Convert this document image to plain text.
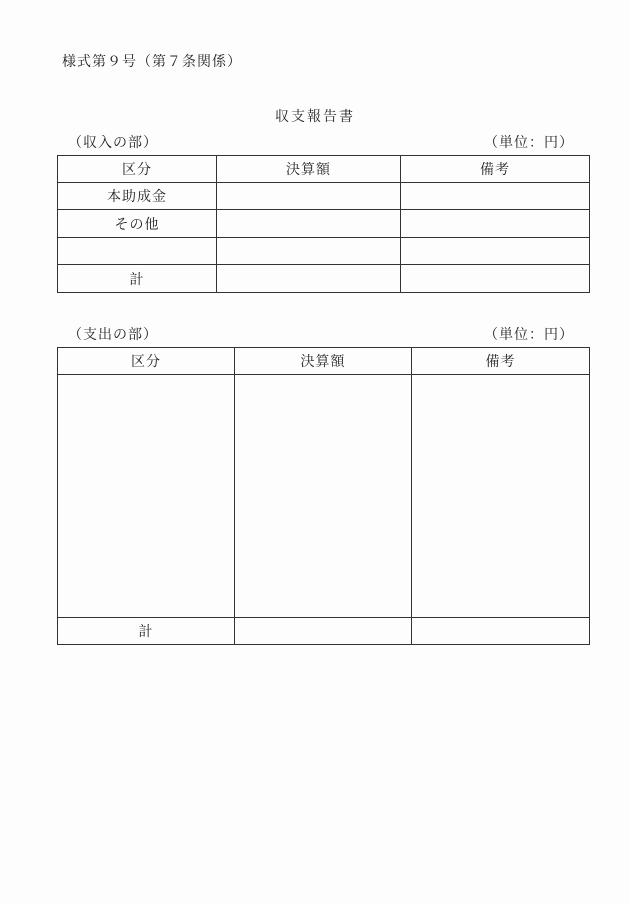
様式第９号（第７条関係）
収支報告書
（収入の部）	（単位：円）
区分	決算額	備考
本助成金		
その他		

計		
（支出の部）	（単位：円）
区分	決算額	備考

計		
